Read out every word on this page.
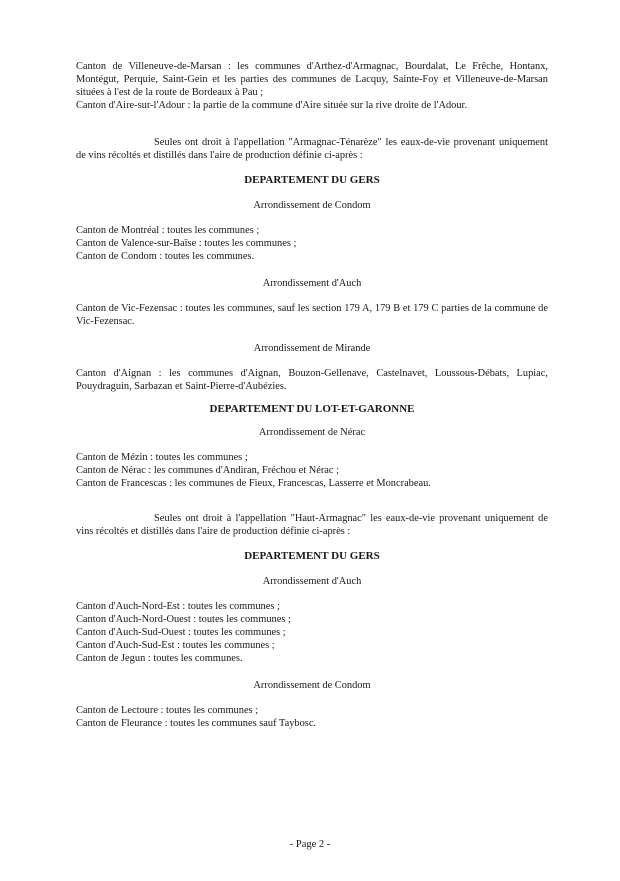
Canton de Villeneuve-de-Marsan : les communes d'Arthez-d'Armagnac, Bourdalat, Le Frêche, Hontanx, Montégut, Perquie, Saint-Gein et les parties des communes de Lacquy, Sainte-Foy et Villeneuve-de-Marsan situées à l'est de la route de Bordeaux à Pau ;
Canton d'Aire-sur-l'Adour : la partie de la commune d'Aire située sur la rive droite de l'Adour.
Seules ont droit à l'appellation "Armagnac-Ténarèze" les eaux-de-vie provenant uniquement de vins récoltés et distillés dans l'aire de production définie ci-après :
DEPARTEMENT DU GERS
Arrondissement de Condom
Canton de Montréal : toutes les communes ;
Canton de Valence-sur-Baïse : toutes les communes ;
Canton de Condom : toutes les communes.
Arrondissement d'Auch
Canton de Vic-Fezensac : toutes les communes, sauf les section 179 A, 179 B et 179 C parties de la commune de Vic-Fezensac.
Arrondissement de Mirande
Canton d'Aignan : les communes d'Aignan, Bouzon-Gellenave, Castelnavet, Loussous-Débats, Lupiac, Pouydraguin, Sarbazan et Saint-Pierre-d'Aubézies.
DEPARTEMENT DU LOT-ET-GARONNE
Arrondissement de Nérac
Canton de Mézin : toutes les communes ;
Canton de Nérac : les communes d'Andiran, Fréchou et Nérac ;
Canton de Francescas : les communes de Fieux, Francescas, Lasserre et Moncrabeau.
Seules ont droit à l'appellation "Haut-Armagnac" les eaux-de-vie provenant uniquement de vins récoltés et distillés dans l'aire de production définie ci-après :
DEPARTEMENT DU GERS
Arrondissement d'Auch
Canton d'Auch-Nord-Est : toutes les communes ;
Canton d'Auch-Nord-Ouest : toutes les communes ;
Canton d'Auch-Sud-Ouest : toutes les communes ;
Canton d'Auch-Sud-Est : toutes les communes ;
Canton de Jegun : toutes les communes.
Arrondissement de Condom
Canton de Lectoure : toutes les communes ;
Canton de Fleurance : toutes les communes sauf Taybosc.
- Page 2 -
